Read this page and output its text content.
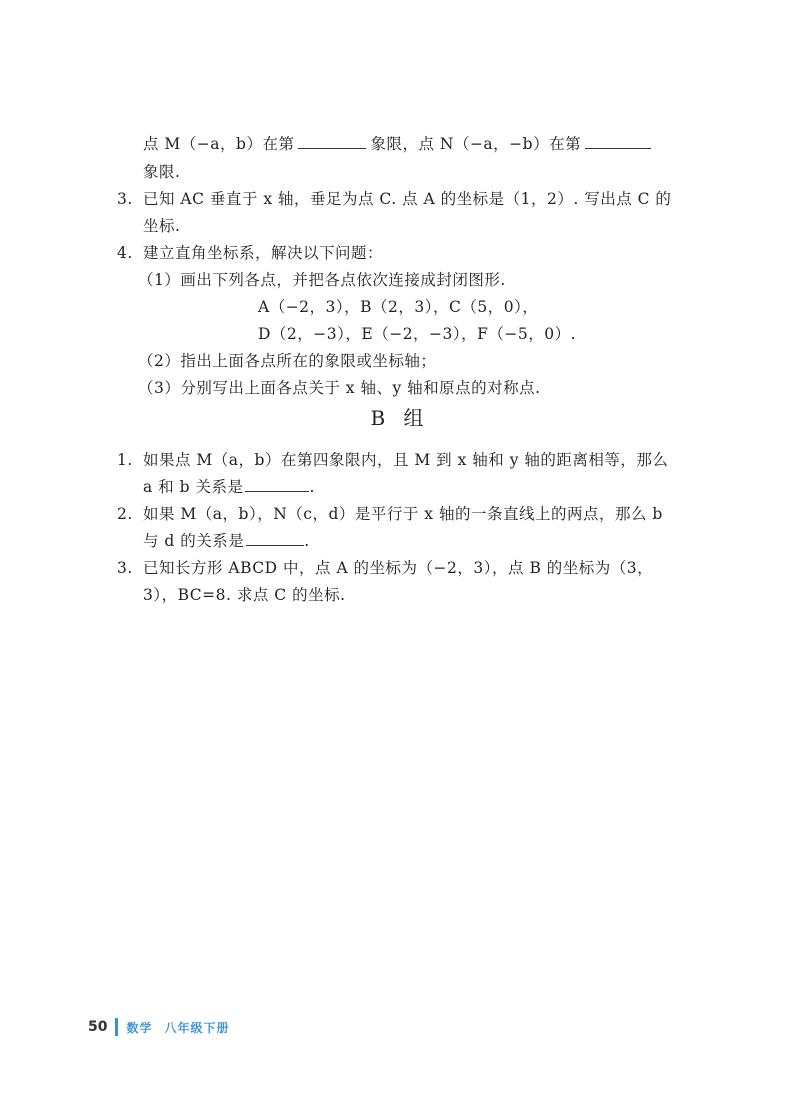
点 M（−a，b）在第	象限，点 N（−a，−b）在第
象限.
3. 已知 AC 垂直于 x 轴，垂足为点 C. 点 A 的坐标是（1，2）. 写出点 C 的
坐标.
4. 建立直角坐标系，解决以下问题：
（1）画出下列各点，并把各点依次连接成封闭图形.
A（−2，3），B（2，3），C（5，0），
D（2，−3），E（−2，−3），F（−5，0）.
（2）指出上面各点所在的象限或坐标轴；
（3）分别写出上面各点关于 x 轴、y 轴和原点的对称点.
B 组
1. 如果点 M（a，b）在第四象限内，且 M 到 x 轴和 y 轴的距离相等，那么
a 和 b 关系是	.
2. 如果 M（a，b），N（c，d）是平行于 x 轴的一条直线上的两点，那么 b
与 d 的关系是	.
3. 已知长方形 ABCD 中，点 A 的坐标为（−2，3），点 B 的坐标为（3，
3），BC=8. 求点 C 的坐标.
50 数学 八年级下册
